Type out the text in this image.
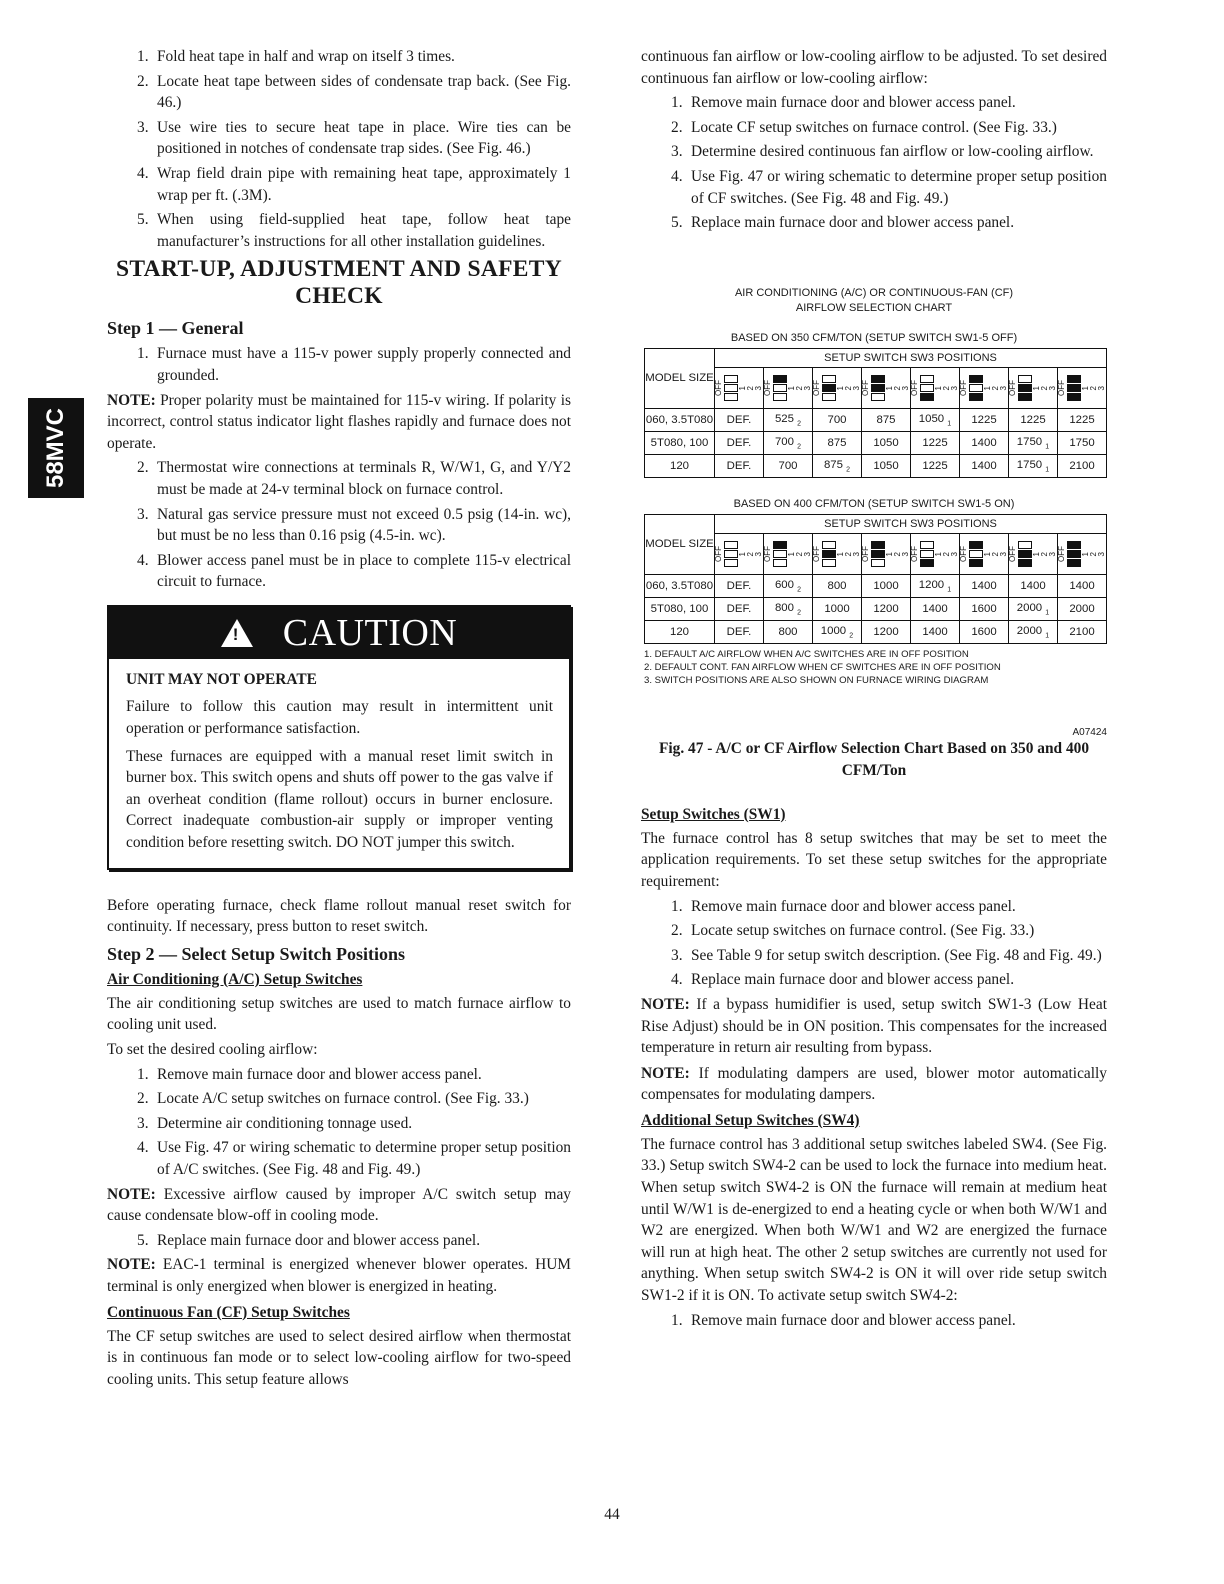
58MVC
1. Fold heat tape in half and wrap on itself 3 times.
2. Locate heat tape between sides of condensate trap back. (See Fig. 46.)
3. Use wire ties to secure heat tape in place. Wire ties can be positioned in notches of condensate trap sides. (See Fig. 46.)
4. Wrap field drain pipe with remaining heat tape, approximately 1 wrap per ft. (.3M).
5. When using field-supplied heat tape, follow heat tape manufacturer’s instructions for all other installation guidelines.
START-UP, ADJUSTMENT AND SAFETY CHECK
Step 1 — General
1. Furnace must have a 115-v power supply properly connected and grounded.

NOTE: Proper polarity must be maintained for 115-v wiring. If polarity is incorrect, control status indicator light flashes rapidly and furnace does not operate.

2. Thermostat wire connections at terminals R, W/W1, G, and Y/Y2 must be made at 24-v terminal block on furnace control.
3. Natural gas service pressure must not exceed 0.5 psig (14-in. wc), but must be no less than 0.16 psig (4.5-in. wc).
4. Blower access panel must be in place to complete 115-v electrical circuit to furnace.
! CAUTION

UNIT MAY NOT OPERATE

Failure to follow this caution may result in intermittent unit operation or performance satisfaction.

These furnaces are equipped with a manual reset limit switch in burner box. This switch opens and shuts off power to the gas valve if an overheat condition (flame rollout) occurs in burner enclosure. Correct inadequate combustion-air supply or improper venting condition before resetting switch. DO NOT jumper this switch.

Before operating furnace, check flame rollout manual reset switch for continuity. If necessary, press button to reset switch.

Step 2 — Select Setup Switch Positions
Air Conditioning (A/C) Setup Switches

The air conditioning setup switches are used to match furnace airflow to cooling unit used.

To set the desired cooling airflow:

1. Remove main furnace door and blower access panel.
2. Locate A/C setup switches on furnace control. (See Fig. 33.)
3. Determine air conditioning tonnage used.
4. Use Fig. 47 or wiring schematic to determine proper setup position of A/C switches. (See Fig. 48 and Fig. 49.)

NOTE: Excessive airflow caused by improper A/C switch setup may cause condensate blow-off in cooling mode.

5. Replace main furnace door and blower access panel.

NOTE: EAC-1 terminal is energized whenever blower operates. HUM terminal is only energized when blower is energized in heating.

Continuous Fan (CF) Setup Switches

The CF setup switches are used to select desired airflow when thermostat is in continuous fan mode or to select low-cooling airflow for two-speed cooling units. This setup feature allows

continuous fan airflow or low-cooling airflow to be adjusted. To set desired continuous fan airflow or low-cooling airflow:

1. Remove main furnace door and blower access panel.
2. Locate CF setup switches on furnace control. (See Fig. 33.)
3. Determine desired continuous fan airflow or low-cooling airflow.
4. Use Fig. 47 or wiring schematic to determine proper setup position of CF switches. (See Fig. 48 and Fig. 49.)
5. Replace main furnace door and blower access panel.
AIR CONDITIONING (A/C) OR CONTINUOUS-FAN (CF)
AIRFLOW SELECTION CHART
BASED ON 350 CFM/TON (SETUP SWITCH SW1-5 OFF)
MODEL SIZE	SETUP SWITCH SW3 POSITIONS							

	OFF 1 2 3	OFF 1 2 3	OFF 1 2 3	OFF 1 2 3	OFF 1 2 3	OFF 1 2 3	OFF 1 2 3	OFF 1 2 3

060, 3.5T080	DEF.	525 $_2$	700	875	1050 $_1$	1225	1225	1225
5T080, 100	DEF.	700 $_2$	875	1050	1225	1400	1750 $_1$	1750
120	DEF.	700	875 $_2$	1050	1225	1400	1750 $_1$	2100
BASED ON 400 CFM/TON (SETUP SWITCH SW1-5 ON)
MODEL SIZE	SETUP SWITCH SW3 POSITIONS							

	OFF 1 2 3	OFF 1 2 3	OFF 1 2 3	OFF 1 2 3	OFF 1 2 3	OFF 1 2 3	OFF 1 2 3	OFF 1 2 3

060, 3.5T080	DEF.	600 $_2$	800	1000	1200 $_1$	1400	1400	1400
5T080, 100	DEF.	800 $_2$	1000	1200	1400	1600	2000 $_1$	2000
120	DEF.	800	1000 $_2$	1200	1400	1600	2000 $_1$	2100
1. DEFAULT A/C AIRFLOW WHEN A/C SWITCHES ARE IN OFF POSITION
2. DEFAULT CONT. FAN AIRFLOW WHEN CF SWITCHES ARE IN OFF POSITION
3. SWITCH POSITIONS ARE ALSO SHOWN ON FURNACE WIRING DIAGRAM
A07424
Fig. 47 - A/C or CF Airflow Selection Chart Based on 350 and 400 CFM/Ton
Setup Switches (SW1)

The furnace control has 8 setup switches that may be set to meet the application requirements. To set these setup switches for the appropriate requirement:

1. Remove main furnace door and blower access panel.
2. Locate setup switches on furnace control. (See Fig. 33.)
3. See Table 9 for setup switch description. (See Fig. 48 and Fig. 49.)
4. Replace main furnace door and blower access panel.

NOTE: If a bypass humidifier is used, setup switch SW1-3 (Low Heat Rise Adjust) should be in ON position. This compensates for the increased temperature in return air resulting from bypass.

NOTE: If modulating dampers are used, blower motor automatically compensates for modulating dampers.

Additional Setup Switches (SW4)

The furnace control has 3 additional setup switches labeled SW4. (See Fig. 33.) Setup switch SW4-2 can be used to lock the furnace into medium heat. When setup switch SW4-2 is ON the furnace will remain at medium heat until W/W1 is de-energized to end a heating cycle or when both W/W1 and W2 are energized. When both W/W1 and W2 are energized the furnace will run at high heat. The other 2 setup switches are currently not used for anything. When setup switch SW4-2 is ON it will over ride setup switch SW1-2 if it is ON. To activate setup switch SW4-2:

1. Remove main furnace door and blower access panel.
44
